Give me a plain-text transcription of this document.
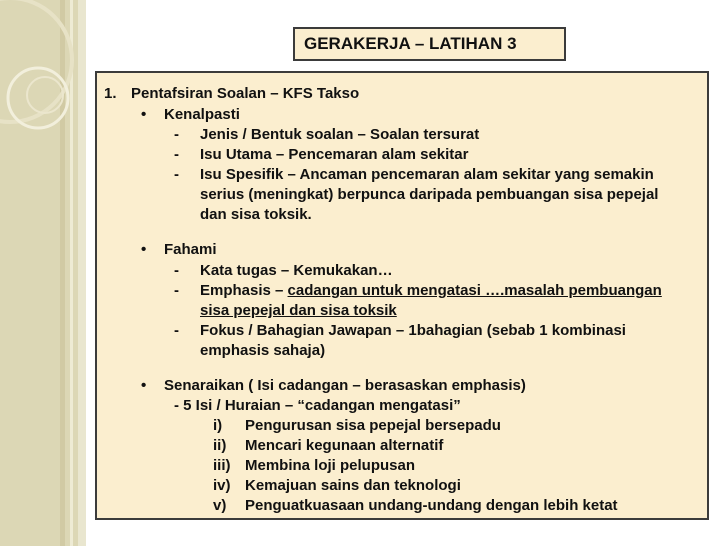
GERAKERJA – LATIHAN 3
1. Pentafsiran Soalan – KFS Takso
• Kenalpasti
- Jenis / Bentuk soalan – Soalan tersurat
- Isu Utama – Pencemaran alam sekitar
- Isu Spesifik – Ancaman pencemaran alam sekitar yang semakin
serius (meningkat) berpunca daripada pembuangan sisa pepejal
dan sisa toksik.
• Fahami
- Kata tugas – Kemukakan…
- Emphasis – cadangan untuk mengatasi ….masalah pembuangan
sisa pepejal dan sisa toksik
- Fokus / Bahagian Jawapan – 1bahagian (sebab 1 kombinasi
emphasis sahaja)
• Senaraikan ( Isi cadangan – berasaskan emphasis)
- 5 Isi / Huraian – “cadangan mengatasi”
i) Pengurusan sisa pepejal bersepadu
ii) Mencari kegunaan alternatif
iii) Membina loji pelupusan
iv) Kemajuan sains dan teknologi
v) Penguatkuasaan undang-undang dengan lebih ketat
